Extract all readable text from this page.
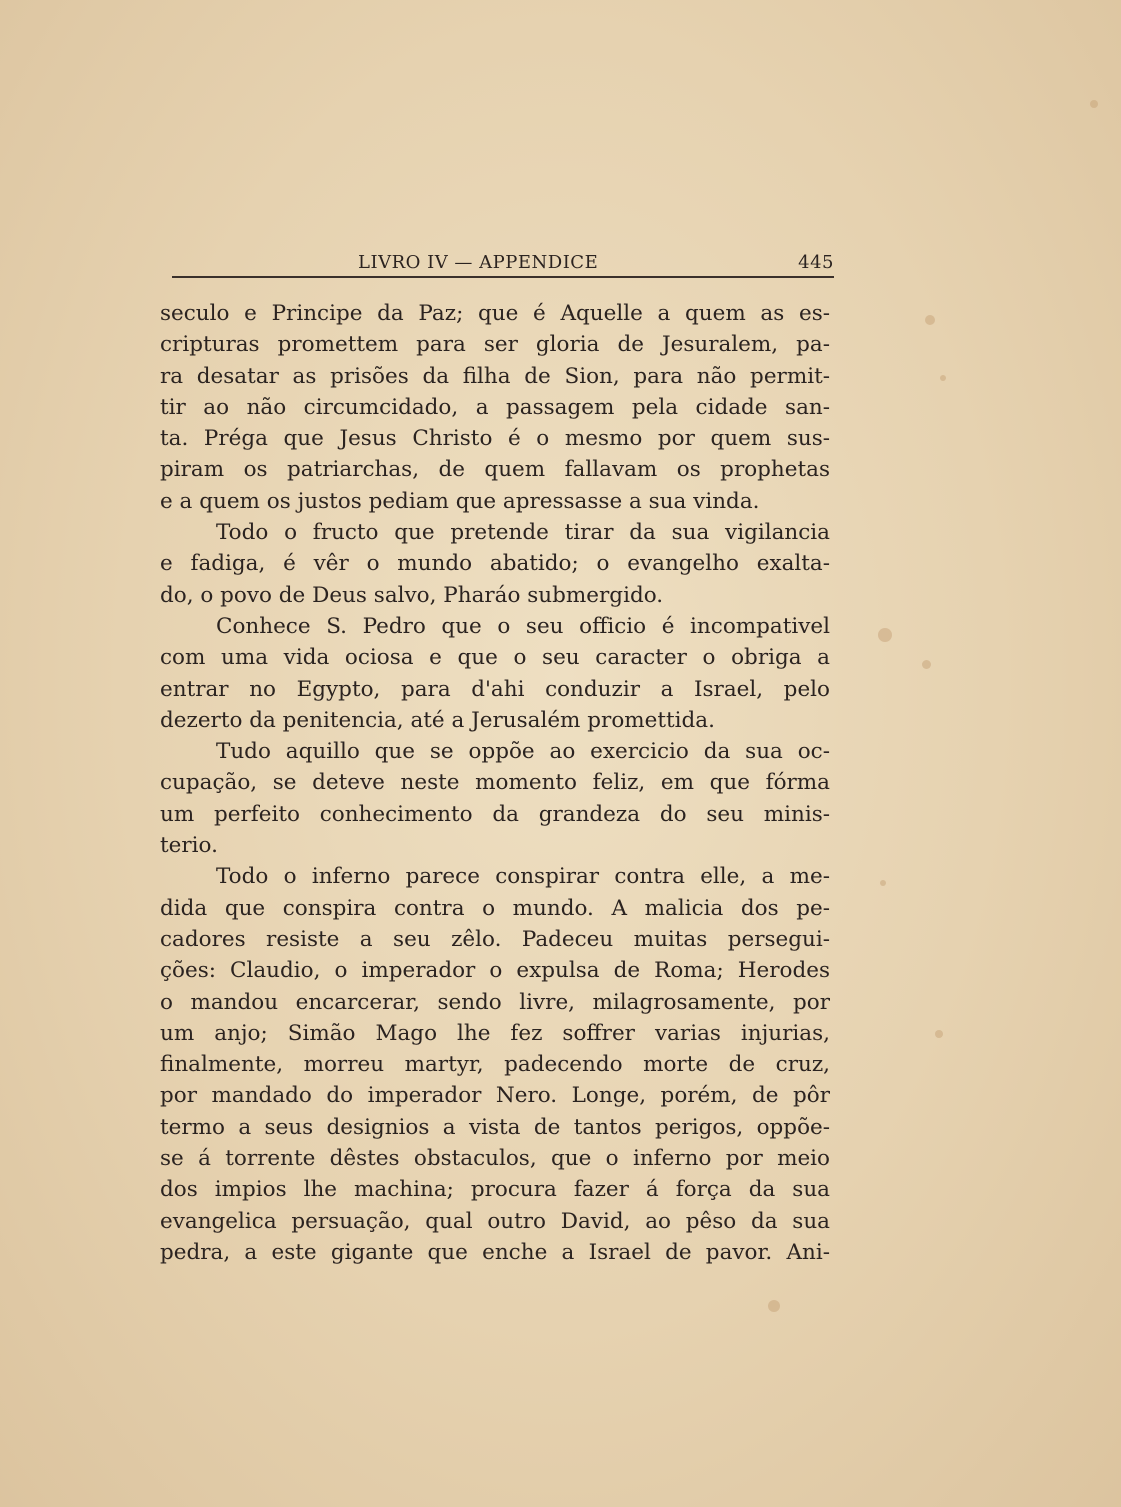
LIVRO IV — APPENDICE	445
seculo e Principe da Paz; que é Aquelle a quem as es-
cripturas promettem para ser gloria de Jesuralem, pa-
ra desatar as prisões da filha de Sion, para não permit-
tir ao não circumcidado, a passagem pela cidade san-
ta. Préga que Jesus Christo é o mesmo por quem sus-
piram os patriarchas, de quem fallavam os prophetas
e a quem os justos pediam que apressasse a sua vinda.
Todo o fructo que pretende tirar da sua vigilancia
e fadiga, é vêr o mundo abatido; o evangelho exalta-
do, o povo de Deus salvo, Pharáo submergido.
Conhece S. Pedro que o seu officio é incompativel
com uma vida ociosa e que o seu caracter o obriga a
entrar no Egypto, para d'ahi conduzir a Israel, pelo
dezerto da penitencia, até a Jerusalém promettida.
Tudo aquillo que se oppõe ao exercicio da sua oc-
cupação, se deteve neste momento feliz, em que fórma
um perfeito conhecimento da grandeza do seu minis-
terio.
Todo o inferno parece conspirar contra elle, a me-
dida que conspira contra o mundo. A malicia dos pe-
cadores resiste a seu zêlo. Padeceu muitas persegui-
ções: Claudio, o imperador o expulsa de Roma; Herodes
o mandou encarcerar, sendo livre, milagrosamente, por
um anjo; Simão Mago lhe fez soffrer varias injurias,
finalmente, morreu martyr, padecendo morte de cruz,
por mandado do imperador Nero. Longe, porém, de pôr
termo a seus designios a vista de tantos perigos, oppõe-
se á torrente dêstes obstaculos, que o inferno por meio
dos impios lhe machina; procura fazer á força da sua
evangelica persuação, qual outro David, ao pêso da sua
pedra, a este gigante que enche a Israel de pavor. Ani-
